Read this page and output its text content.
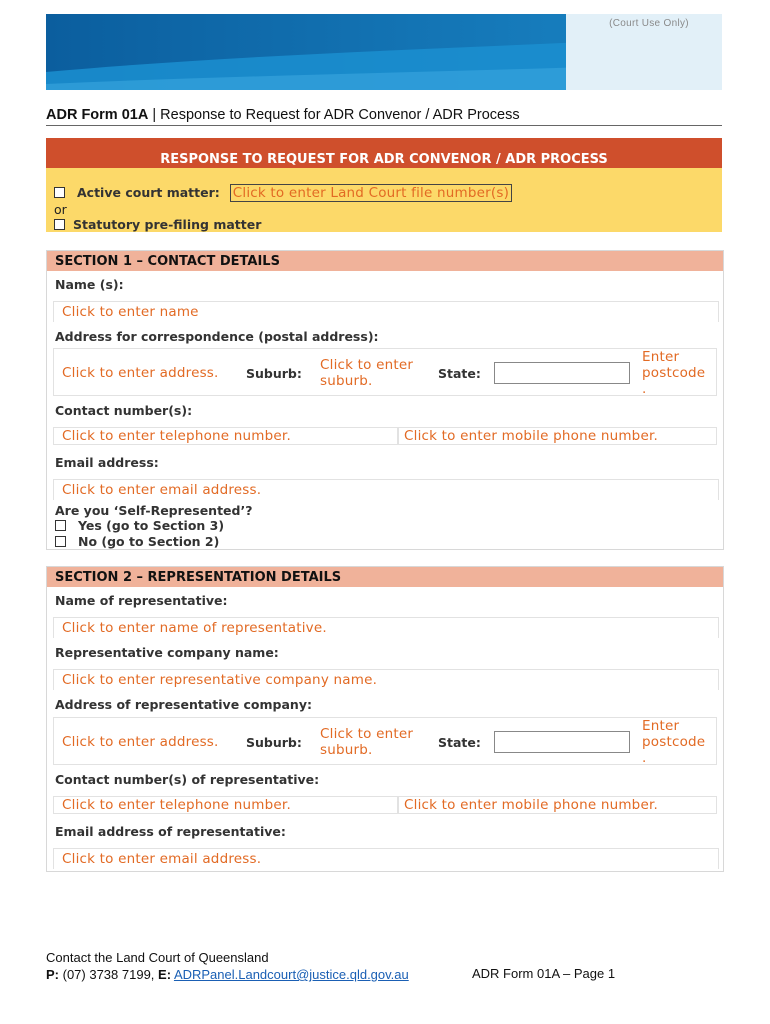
(Court Use Only)
ADR Form 01A | Response to Request for ADR Convenor / ADR Process
RESPONSE TO REQUEST FOR ADR CONVENOR / ADR PROCESS
Active court matter: Click to enter Land Court file number(s)
or
Statutory pre-filing matter
SECTION 1 – CONTACT DETAILS
Name (s):
Click to enter name
Address for correspondence (postal address):
Click to enter address. Suburb:
Click to enter
suburb.	State:
Enter
postcode
.
Contact number(s):
Click to enter telephone number.	Click to enter mobile phone number.
Email address:
Click to enter email address.
Are you ‘Self-Represented’?
Yes (go to Section 3)
No (go to Section 2)
SECTION 2 – REPRESENTATION DETAILS
Name of representative:
Click to enter name of representative.
Representative company name:
Click to enter representative company name.
Address of representative company:
Click to enter address. Suburb:
Click to enter
suburb.	State:
Enter
postcode
.
Contact number(s) of representative:
Click to enter telephone number.	Click to enter mobile phone number.
Email address of representative:
Click to enter email address.
Contact the Land Court of Queensland
P: (07) 3738 7199, E: ADRPanel.Landcourt@justice.qld.gov.au	ADR Form 01A – Page 1
